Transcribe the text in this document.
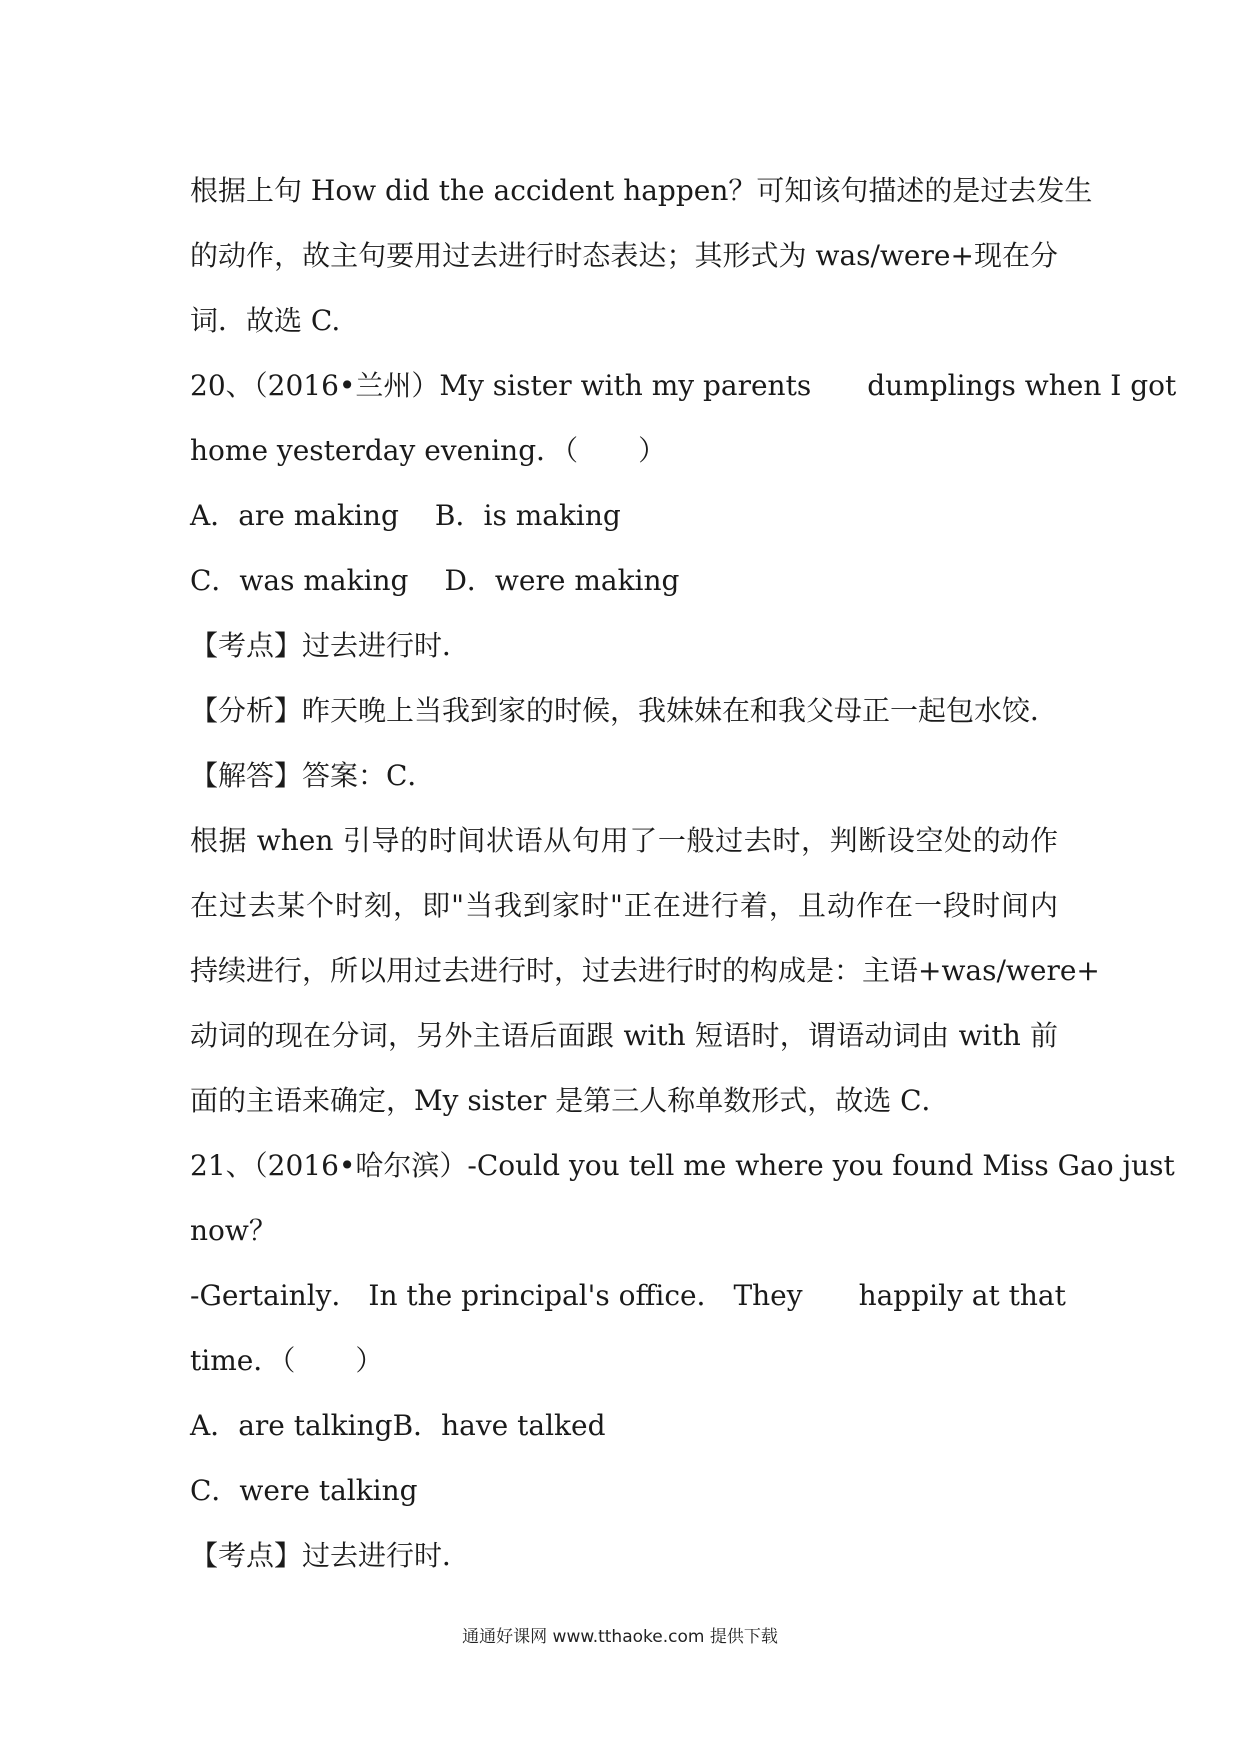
根据上句 How did the accident happen？可知该句描述的是过去发生
的动作，故主句要用过去进行时态表达；其形式为 was/were+现在分
词．故选 C.
20、（2016•兰州）My sister with my parents dumplings when I got
home yesterday evening．（ ）
A．are making B．is making
C．was making D．were making
【考点】过去进行时．
【分析】昨天晚上当我到家的时候，我妹妹在和我父母正一起包水饺．
【解答】答案：C．
根据 when 引导的时间状语从句用了一般过去时，判断设空处的动作
在过去某个时刻，即"当我到家时"正在进行着，且动作在一段时间内
持续进行，所以用过去进行时，过去进行时的构成是：主语+was/were+
动词的现在分词，另外主语后面跟 with 短语时，谓语动词由 with 前
面的主语来确定，My sister 是第三人称单数形式，故选 C．
21、（2016•哈尔滨）-Could you tell me where you found Miss Gao just
now？
-Gertainly． In the principal's office． They happily at that
time．（ ）
A．are talkingB．have talked
C．were talking
【考点】过去进行时．
通通好课网 www.tthaoke.com 提供下载
